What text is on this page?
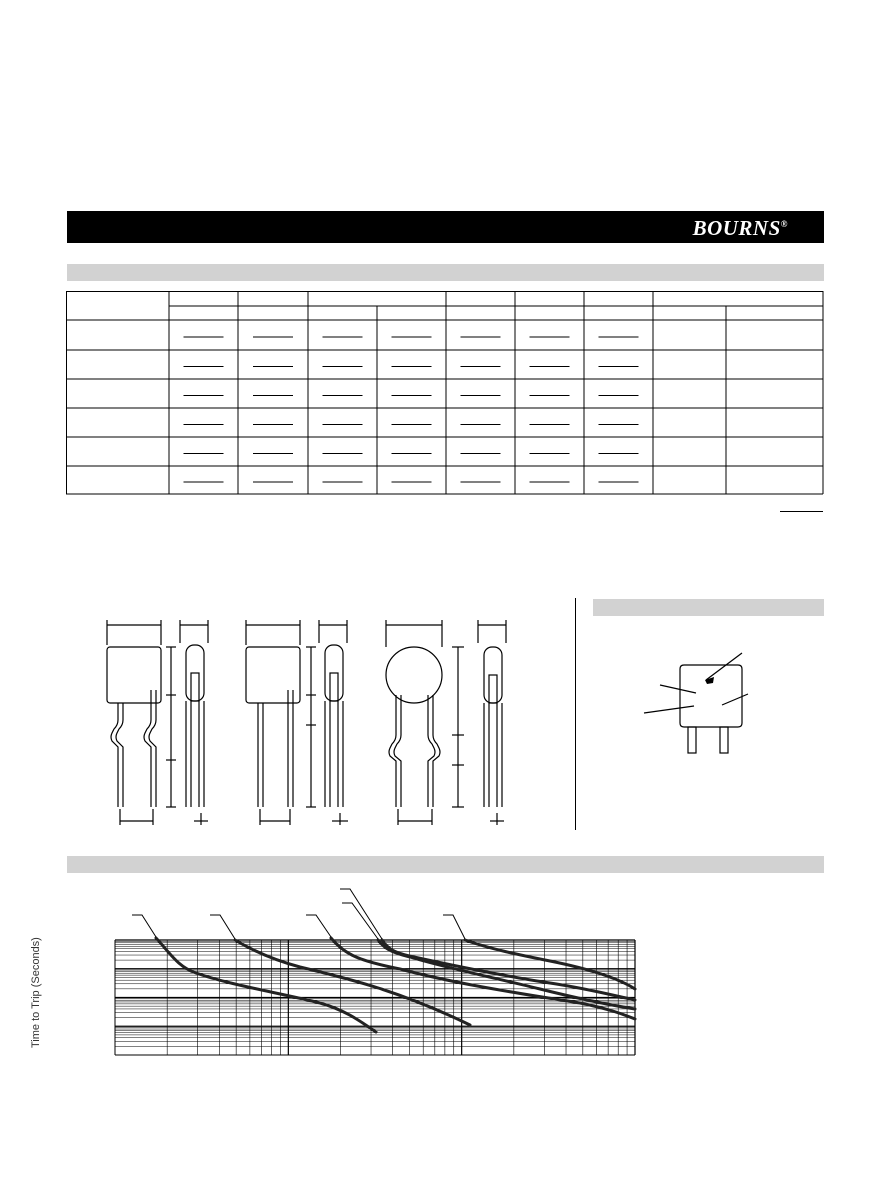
BOURNS®
Time to Trip (Seconds)
